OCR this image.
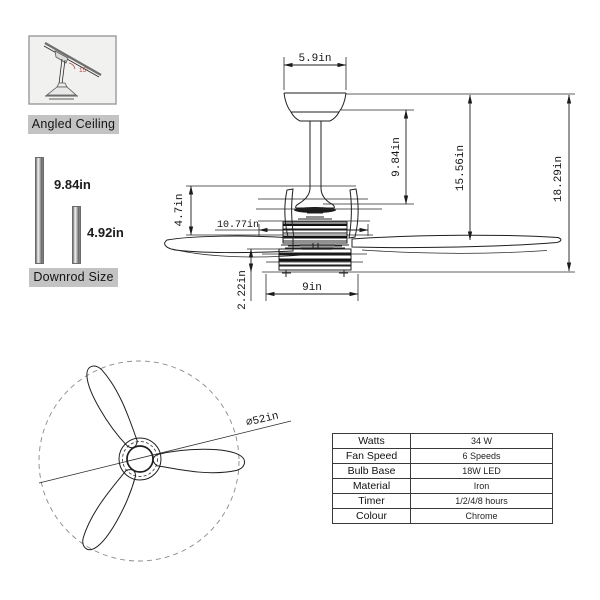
15°
5.9in
9.84in	15.56in	18.29in
4.7in	10.77in
2.22in	9in
⌀52in
Angled Ceiling
9.84in
4.92in
Downrod Size
Watts	34 W
Fan Speed	6 Speeds
Bulb Base	18W LED
Material	Iron
Timer	1/2/4/8 hours
Colour	Chrome
